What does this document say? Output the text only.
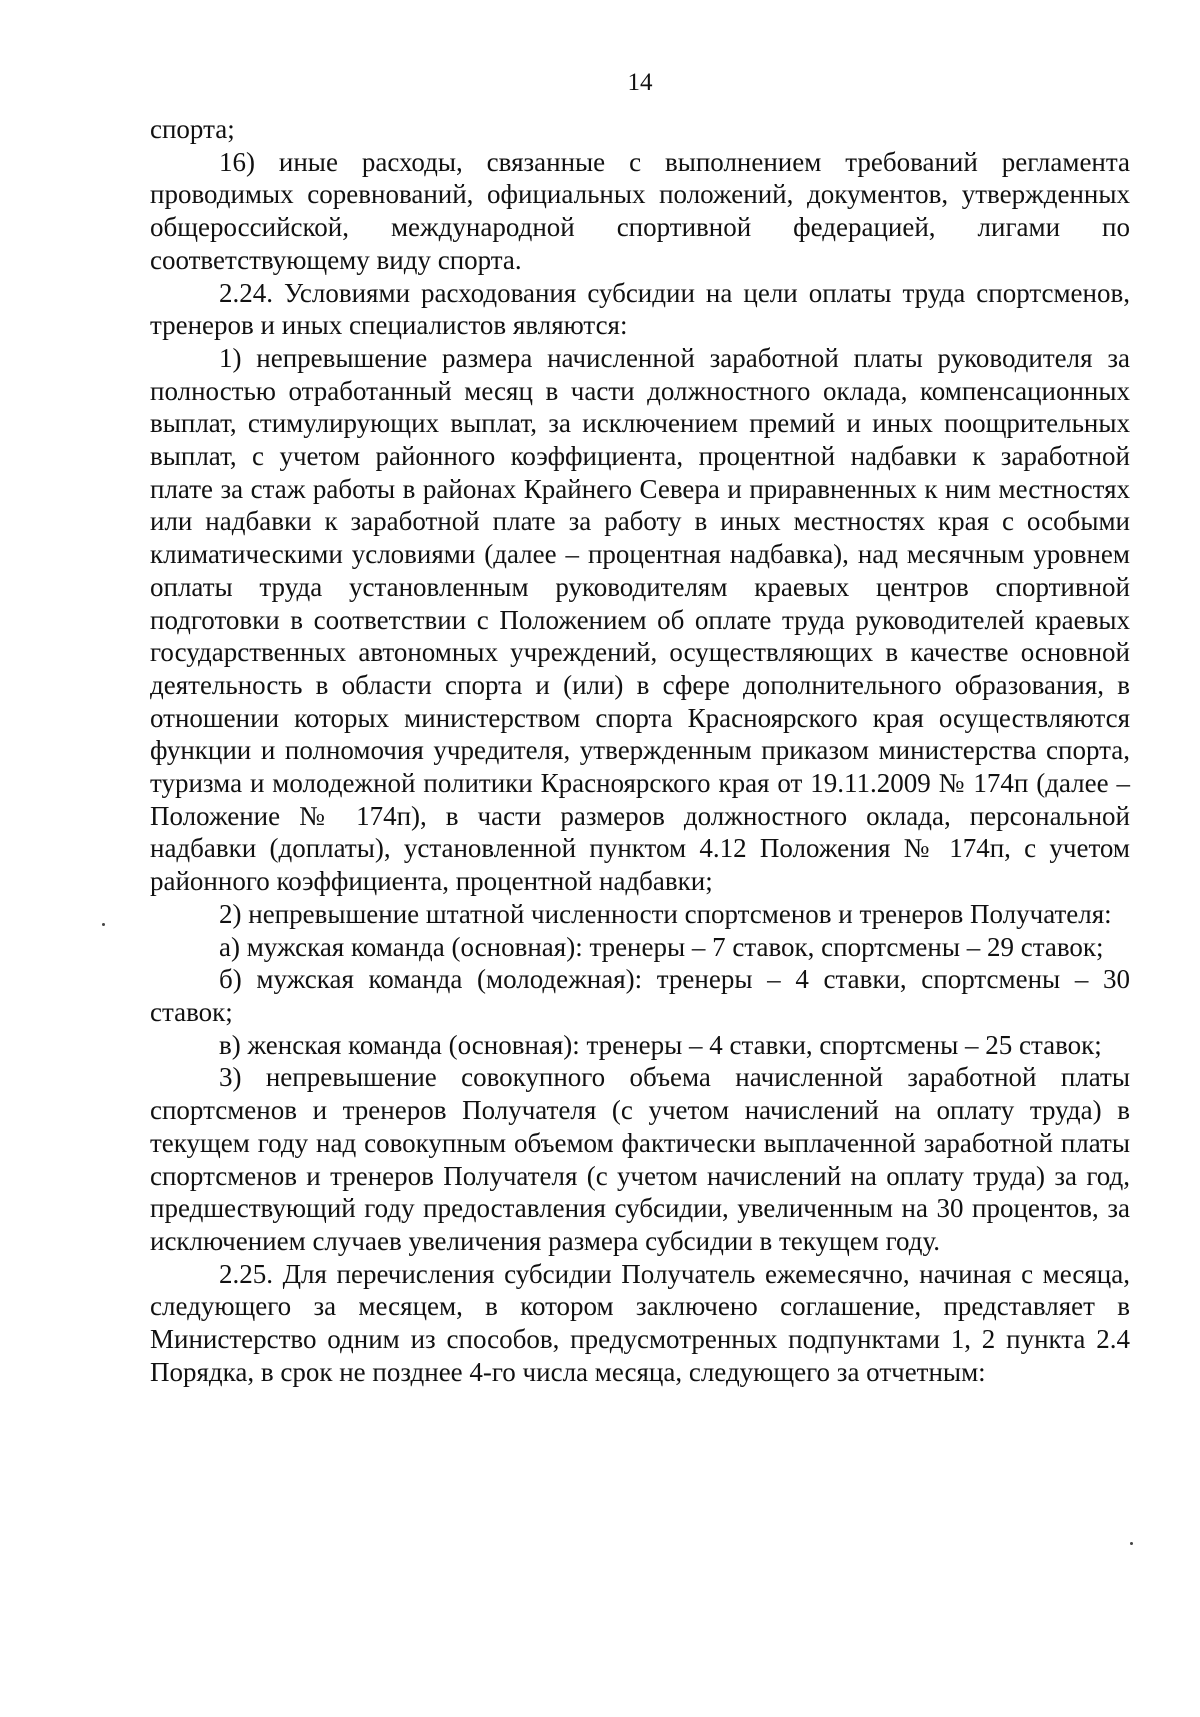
14

спорта;

16) иные расходы, связанные с выполнением требований регламента проводимых соревнований, официальных положений, документов, утвержденных общероссийской, международной спортивной федерацией, лигами по соответствующему виду спорта.

2.24. Условиями расходования субсидии на цели оплаты труда спортсменов, тренеров и иных специалистов являются:

1) непревышение размера начисленной заработной платы руководителя за полностью отработанный месяц в части должностного оклада, компенсационных выплат, стимулирующих выплат, за исключением премий и иных поощрительных выплат, с учетом районного коэффициента, процентной надбавки к заработной плате за стаж работы в районах Крайнего Севера и приравненных к ним местностях или надбавки к заработной плате за работу в иных местностях края с особыми климатическими условиями (далее – процентная надбавка), над месячным уровнем оплаты труда установленным руководителям краевых центров спортивной подготовки в соответствии с Положением об оплате труда руководителей краевых государственных автономных учреждений, осуществляющих в качестве основной деятельность в области спорта и (или) в сфере дополнительного образования, в отношении которых министерством спорта Красноярского края осуществляются функции и полномочия учредителя, утвержденным приказом министерства спорта, туризма и молодежной политики Красноярского края от 19.11.2009 № 174п (далее – Положение № 174п), в части размеров должностного оклада, персональной надбавки (доплаты), установленной пунктом 4.12 Положения № 174п, с учетом районного коэффициента, процентной надбавки;

2) непревышение штатной численности спортсменов и тренеров Получателя:

а) мужская команда (основная): тренеры – 7 ставок, спортсмены – 29 ставок;

б) мужская команда (молодежная): тренеры – 4 ставки, спортсмены – 30 ставок;

в) женская команда (основная): тренеры – 4 ставки, спортсмены – 25 ставок;

3) непревышение совокупного объема начисленной заработной платы спортсменов и тренеров Получателя (с учетом начислений на оплату труда) в текущем году над совокупным объемом фактически выплаченной заработной платы спортсменов и тренеров Получателя (с учетом начислений на оплату труда) за год, предшествующий году предоставления субсидии, увеличенным на 30 процентов, за исключением случаев увеличения размера субсидии в текущем году.

2.25. Для перечисления субсидии Получатель ежемесячно, начиная с месяца, следующего за месяцем, в котором заключено соглашение, представляет в Министерство одним из способов, предусмотренных подпунктами 1, 2 пункта 2.4 Порядка, в срок не позднее 4-го числа месяца, следующего за отчетным:
